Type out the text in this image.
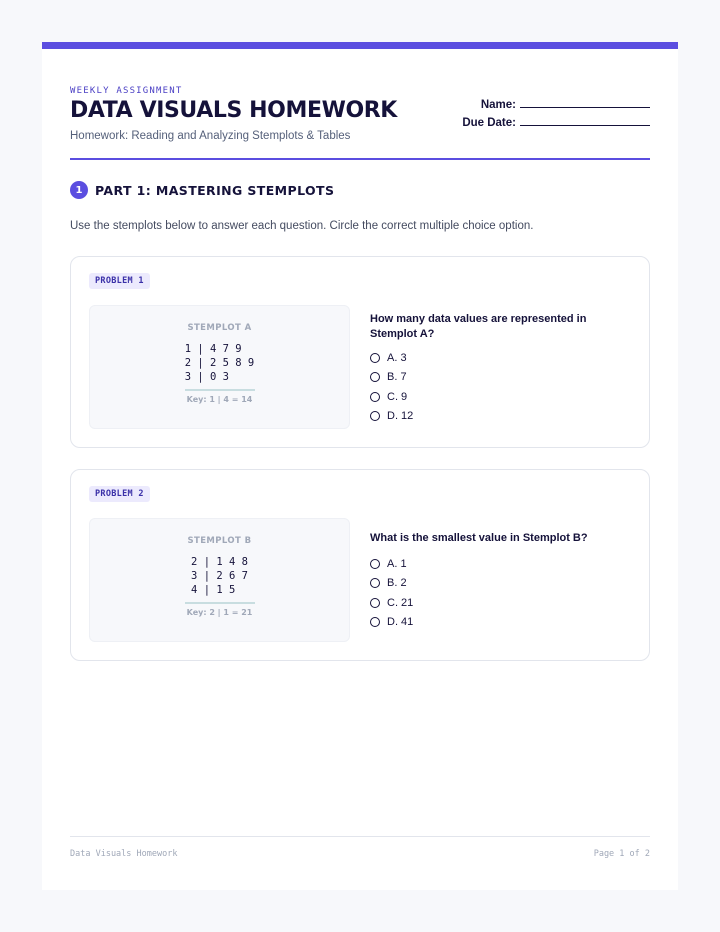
WEEKLY ASSIGNMENT
DATA VISUALS HOMEWORK
Homework: Reading and Analyzing Stemplots & Tables
Name:
Due Date:
1	PART 1: MASTERING STEMPLOTS
Use the stemplots below to answer each question. Circle the correct multiple choice option.
PROBLEM 1
STEMPLOT A
1 | 4 7 9
2 | 2 5 8 9
3 | 0 3
Key: 1 | 4 = 14
How many data values are represented in Stemplot A?
A. 3
B. 7
C. 9
D. 12
PROBLEM 2
STEMPLOT B
2 | 1 4 8
3 | 2 6 7
4 | 1 5
Key: 2 | 1 = 21
What is the smallest value in Stemplot B?
A. 1
B. 2
C. 21
D. 41
Data Visuals Homework	Page 1 of 2
